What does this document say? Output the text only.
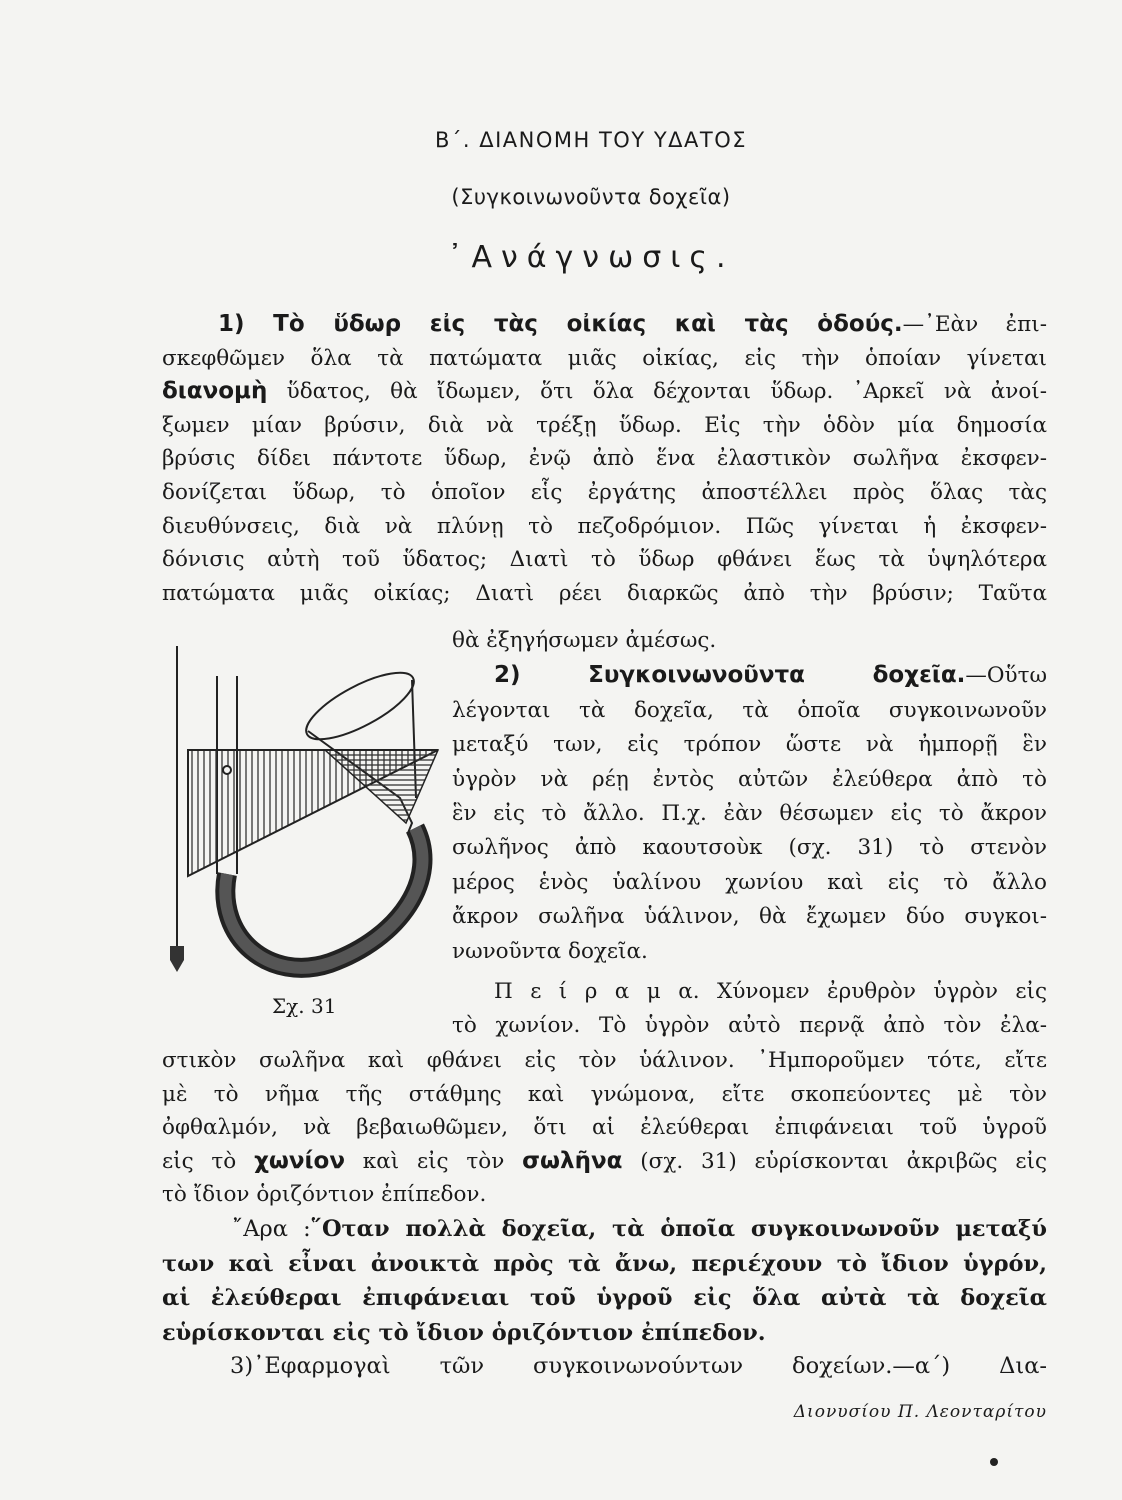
Β΄. ΔΙΑΝΟΜΗ ΤΟΥ ΥΔΑΤΟΣ
(Συγκοινωνοῦντα δοχεῖα)
᾿Ανάγνωσις.

1) Τὸ ὕδωρ εἰς τὰς οἰκίας καὶ τὰς ὁδούς.—᾿Εὰν ἐπι-

σκεφθῶμεν ὅλα τὰ πατώματα μιᾶς οἰκίας, εἰς τὴν ὁποίαν γίνεται

διανομὴ ὕδατος, θὰ ἴδωμεν, ὅτι ὅλα δέχονται ὕδωρ. ᾿Αρκεῖ νὰ ἀνοί-

ξωμεν μίαν βρύσιν, διὰ νὰ τρέξῃ ὕδωρ. Εἰς τὴν ὁδὸν μία δημοσία

βρύσις δίδει πάντοτε ὕδωρ, ἐνῷ ἀπὸ ἕνα ἐλαστικὸν σωλῆνα ἐκσφεν-

δονίζεται ὕδωρ, τὸ ὁποῖον εἷς ἐργάτης ἀποστέλλει πρὸς ὅλας τὰς

διευθύνσεις, διὰ νὰ πλύνῃ τὸ πεζοδρόμιον. Πῶς γίνεται ἡ ἐκσφεν-

δόνισις αὐτὴ τοῦ ὕδατος; Διατὶ τὸ ὕδωρ φθάνει ἕως τὰ ὑψηλότερα

πατώματα μιᾶς οἰκίας; Διατὶ ρέει διαρκῶς ἀπὸ τὴν βρύσιν; Ταῦτα

θὰ ἐξηγήσωμεν ἀμέσως.

2) Συγκοινωνοῦντα δοχεῖα.—Οὕτω

λέγονται τὰ δοχεῖα, τὰ ὁποῖα συγκοινωνοῦν

μεταξύ των, εἰς τρόπον ὥστε νὰ ἠμπορῇ ἓν

ὑγρὸν νὰ ρέῃ ἐντὸς αὐτῶν ἐλεύθερα ἀπὸ τὸ

ἓν εἰς τὸ ἄλλο. Π.χ. ἐὰν θέσωμεν εἰς τὸ ἄκρον

σωλῆνος ἀπὸ καουτσοὺκ (σχ. 31) τὸ στενὸν

μέρος ἑνὸς ὑαλίνου χωνίου καὶ εἰς τὸ ἄλλο

ἄκρον σωλῆνα ὑάλινον, θὰ ἔχωμεν δύο συγκοι-

νωνοῦντα δοχεῖα.

Π ε ί ρ α μ α. Χύνομεν ἐρυθρὸν ὑγρὸν εἰς

τὸ χωνίον. Τὸ ὑγρὸν αὐτὸ περνᾷ ἀπὸ τὸν ἐλα-

Σχ. 31

στικὸν σωλῆνα καὶ φθάνει εἰς τὸν ὑάλινον. ᾿Ημποροῦμεν τότε, εἴτε

μὲ τὸ νῆμα τῆς στάθμης καὶ γνώμονα, εἴτε σκοπεύοντες μὲ τὸν

ὀφθαλμόν, νὰ βεβαιωθῶμεν, ὅτι αἱ ἐλεύθεραι ἐπιφάνειαι τοῦ ὑγροῦ

εἰς τὸ χωνίον καὶ εἰς τὸν σωλῆνα (σχ. 31) εὑρίσκονται ἀκριβῶς εἰς

τὸ ἴδιον ὁριζόντιον ἐπίπεδον.

῎Αρα :῞Οταν πολλὰ δοχεῖα, τὰ ὁποῖα συγκοινωνοῦν μεταξύ

των καὶ εἶναι ἀνοικτὰ πρὸς τὰ ἄνω, περιέχουν τὸ ἴδιον ὑγρόν,

αἱ ἐλεύθεραι ἐπιφάνειαι τοῦ ὑγροῦ εἰς ὅλα αὐτὰ τὰ δοχεῖα

εὑρίσκονται εἰς τὸ ἴδιον ὁριζόντιον ἐπίπεδον.

3)᾿Εφαρμογαὶ τῶν συγκοινωνούντων δοχείων.—α΄) Δια-
Διονυσίου Π. Λεονταρίτου
